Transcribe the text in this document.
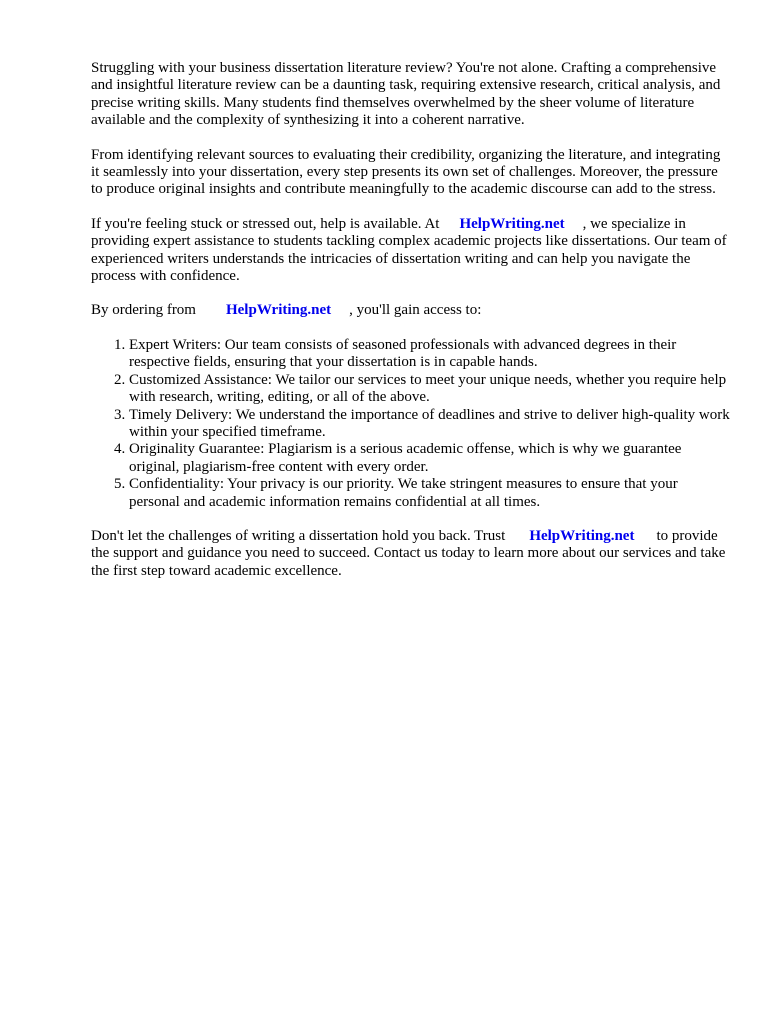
Struggling with your business dissertation literature review? You're not alone. Crafting a comprehensive and insightful literature review can be a daunting task, requiring extensive research, critical analysis, and precise writing skills. Many students find themselves overwhelmed by the sheer volume of literature available and the complexity of synthesizing it into a coherent narrative.

From identifying relevant sources to evaluating their credibility, organizing the literature, and integrating it seamlessly into your dissertation, every step presents its own set of challenges. Moreover, the pressure to produce original insights and contribute meaningfully to the academic discourse can add to the stress.

If you're feeling stuck or stressed out, help is available. At HelpWriting.net , we specialize in providing expert assistance to students tackling complex academic projects like dissertations. Our team of experienced writers understands the intricacies of dissertation writing and can help you navigate the process with confidence.

By ordering from HelpWriting.net , you'll gain access to:

1. Expert Writers: Our team consists of seasoned professionals with advanced degrees in their respective fields, ensuring that your dissertation is in capable hands.
2. Customized Assistance: We tailor our services to meet your unique needs, whether you require help with research, writing, editing, or all of the above.
3. Timely Delivery: We understand the importance of deadlines and strive to deliver high-quality work within your specified timeframe.
4. Originality Guarantee: Plagiarism is a serious academic offense, which is why we guarantee original, plagiarism-free content with every order.
5. Confidentiality: Your privacy is our priority. We take stringent measures to ensure that your personal and academic information remains confidential at all times.

Don't let the challenges of writing a dissertation hold you back. Trust HelpWriting.net to provide the support and guidance you need to succeed. Contact us today to learn more about our services and take the first step toward academic excellence.
